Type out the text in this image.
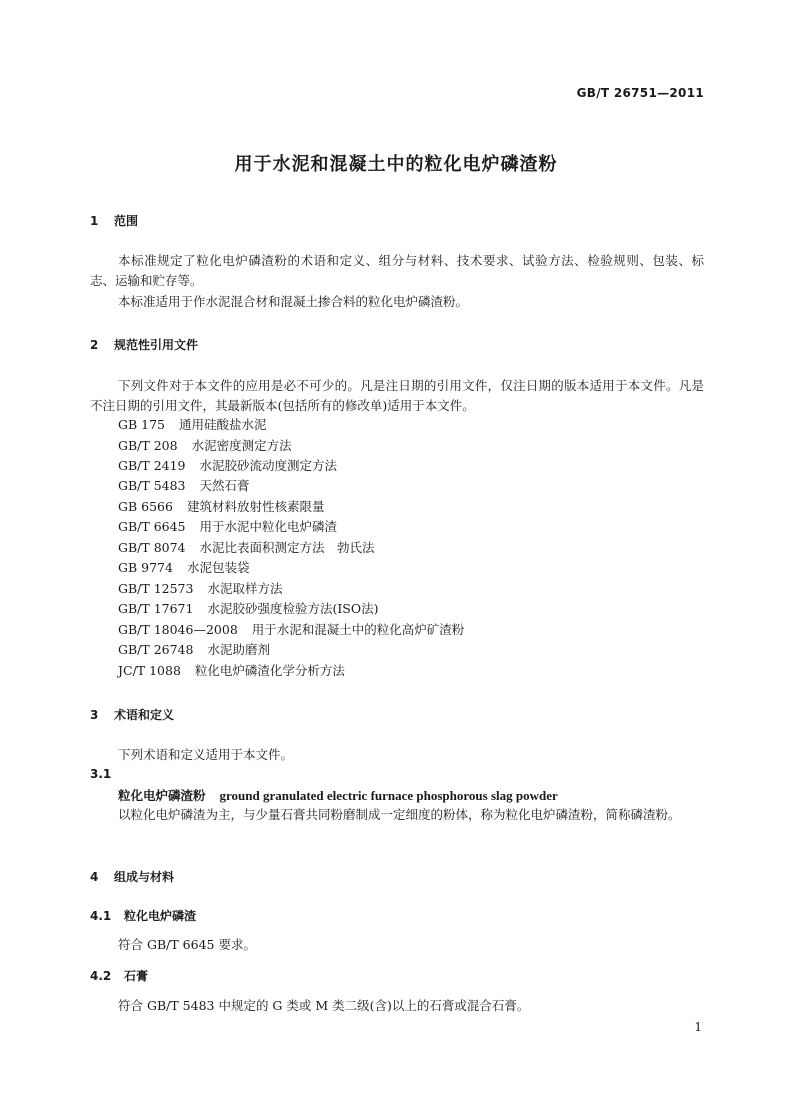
GB/T 26751—2011
用于水泥和混凝土中的粒化电炉磷渣粉
1 范围
本标准规定了粒化电炉磷渣粉的术语和定义、组分与材料、技术要求、试验方法、检验规则、包装、标志、运输和贮存等。
本标准适用于作水泥混合材和混凝土掺合料的粒化电炉磷渣粉。
2 规范性引用文件
下列文件对于本文件的应用是必不可少的。凡是注日期的引用文件，仅注日期的版本适用于本文件。凡是不注日期的引用文件，其最新版本(包括所有的修改单)适用于本文件。
GB 175 通用硅酸盐水泥
GB/T 208 水泥密度测定方法
GB/T 2419 水泥胶砂流动度测定方法
GB/T 5483 天然石膏
GB 6566 建筑材料放射性核素限量
GB/T 6645 用于水泥中粒化电炉磷渣
GB/T 8074 水泥比表面积测定方法　勃氏法
GB 9774 水泥包装袋
GB/T 12573 水泥取样方法
GB/T 17671 水泥胶砂强度检验方法(ISO法)
GB/T 18046—2008 用于水泥和混凝土中的粒化高炉矿渣粉
GB/T 26748 水泥助磨剂
JC/T 1088 粒化电炉磷渣化学分析方法
3 术语和定义
下列术语和定义适用于本文件。
3.1
粒化电炉磷渣粉 ground granulated electric furnace phosphorous slag powder
以粒化电炉磷渣为主，与少量石膏共同粉磨制成一定细度的粉体，称为粒化电炉磷渣粉，简称磷渣粉。
4 组成与材料
4.1 粒化电炉磷渣
符合 GB/T 6645 要求。
4.2 石膏
符合 GB/T 5483 中规定的 G 类或 M 类二级(含)以上的石膏或混合石膏。
1
